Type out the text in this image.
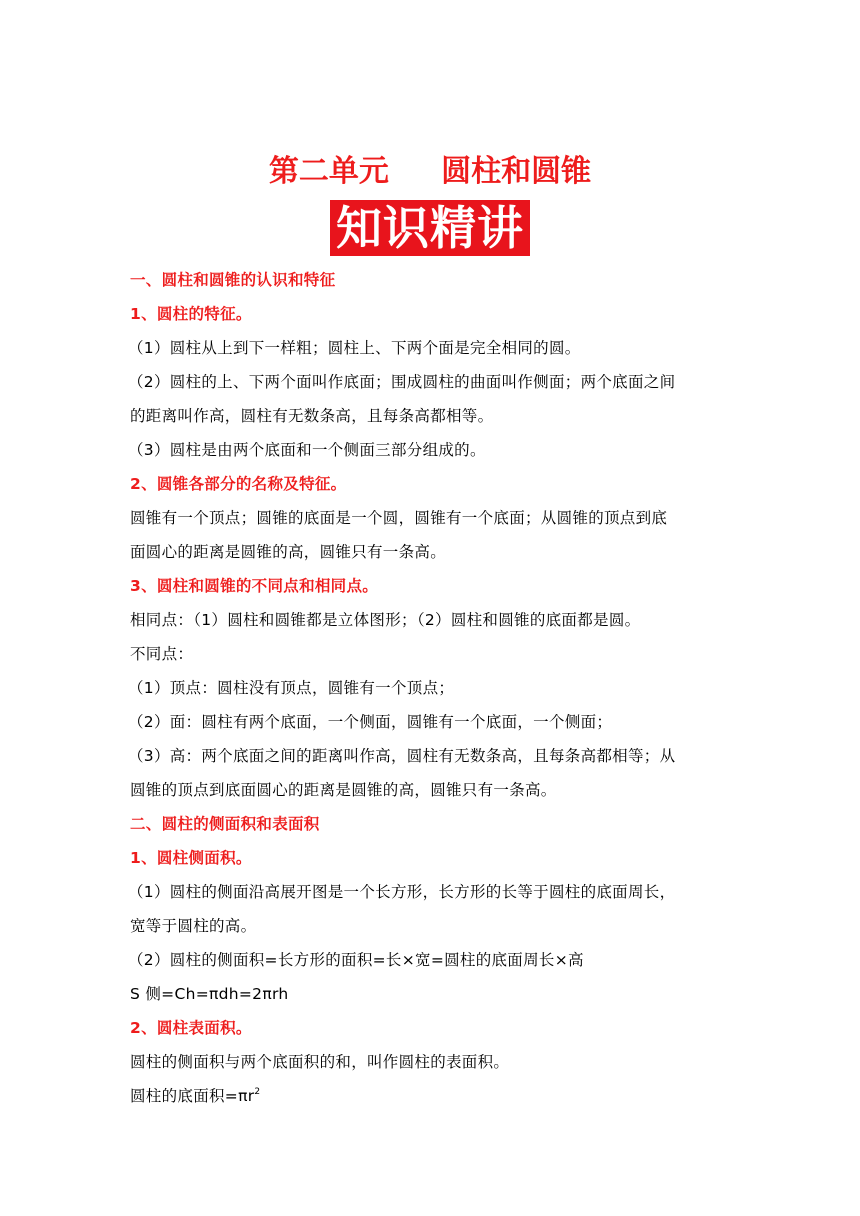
第二单元     圆柱和圆锥
知识精讲

一、圆柱和圆锥的认识和特征

1、圆柱的特征。

（1）圆柱从上到下一样粗；圆柱上、下两个面是完全相同的圆。

（2）圆柱的上、下两个面叫作底面；围成圆柱的曲面叫作侧面；两个底面之间

的距离叫作高，圆柱有无数条高，且每条高都相等。

（3）圆柱是由两个底面和一个侧面三部分组成的。

2、圆锥各部分的名称及特征。

圆锥有一个顶点；圆锥的底面是一个圆，圆锥有一个底面；从圆锥的顶点到底

面圆心的距离是圆锥的高，圆锥只有一条高。

3、圆柱和圆锥的不同点和相同点。

相同点：（1）圆柱和圆锥都是立体图形；（2）圆柱和圆锥的底面都是圆。

不同点：

（1）顶点：圆柱没有顶点，圆锥有一个顶点；

（2）面：圆柱有两个底面，一个侧面，圆锥有一个底面，一个侧面；

（3）高：两个底面之间的距离叫作高，圆柱有无数条高，且每条高都相等；从

圆锥的顶点到底面圆心的距离是圆锥的高，圆锥只有一条高。

二、圆柱的侧面积和表面积

1、圆柱侧面积。

（1）圆柱的侧面沿高展开图是一个长方形，长方形的长等于圆柱的底面周长，

宽等于圆柱的高。

（2）圆柱的侧面积=长方形的面积=长×宽=圆柱的底面周长×高

S 侧=Ch=πdh=2πrh

2、圆柱表面积。

圆柱的侧面积与两个底面积的和，叫作圆柱的表面积。

圆柱的底面积$=\pi r^2$
